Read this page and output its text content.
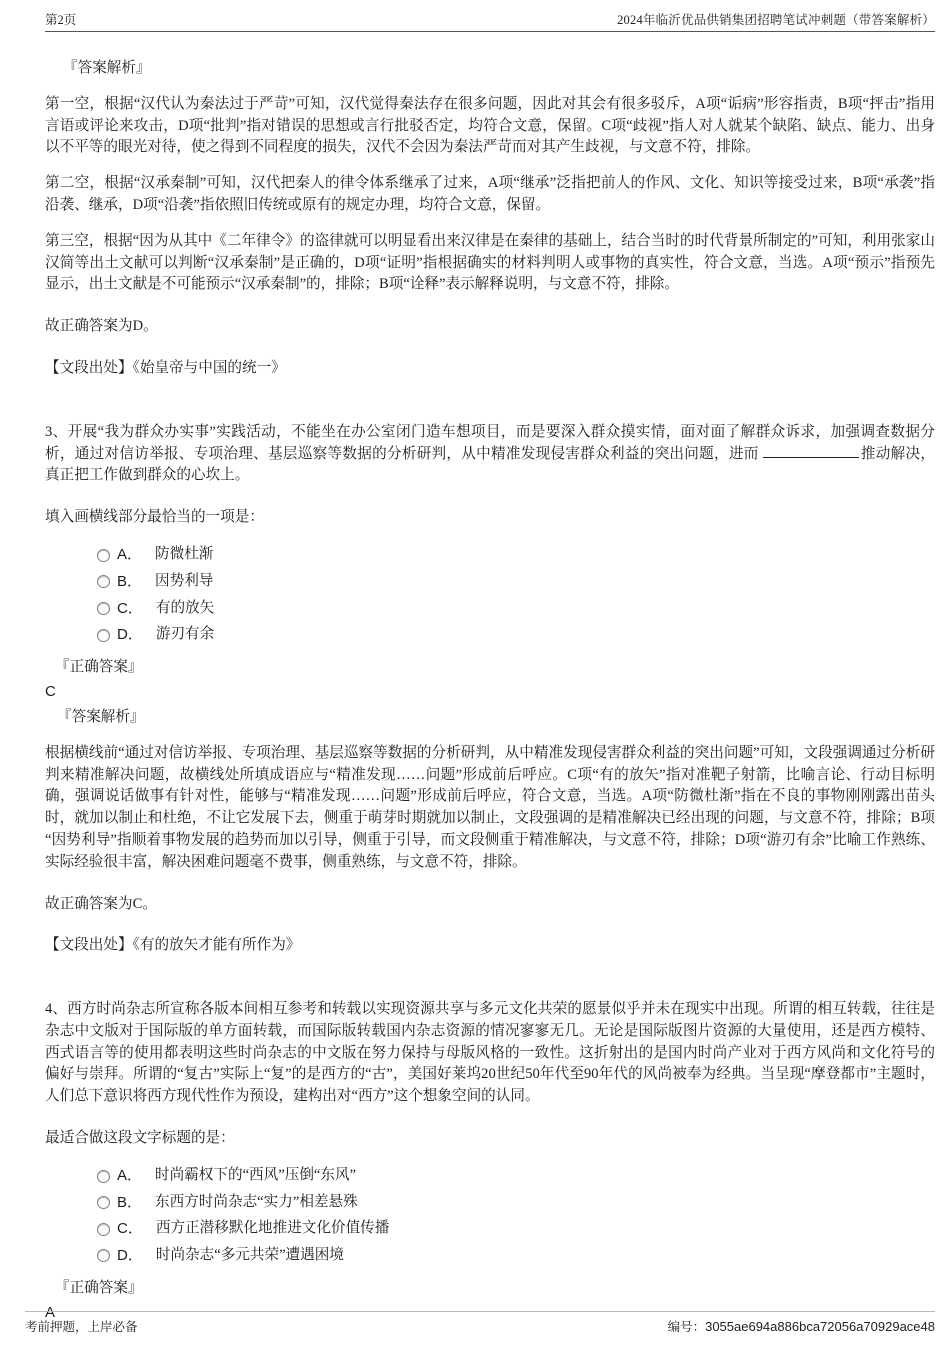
第2页	2024年临沂优品供销集团招聘笔试冲刺题（带答案解析）

『答案解析』

第一空，根据“汉代认为秦法过于严苛”可知，汉代觉得秦法存在很多问题，因此对其会有很多驳斥，A项“诟病”形容指责，B项“抨击”指用言语或评论来攻击，D项“批判”指对错误的思想或言行批驳否定，均符合文意，保留。C项“歧视”指人对人就某个缺陷、缺点、能力、出身以不平等的眼光对待，使之得到不同程度的损失，汉代不会因为秦法严苛而对其产生歧视，与文意不符，排除。

第二空，根据“汉承秦制”可知，汉代把秦人的律令体系继承了过来，A项“继承”泛指把前人的作风、文化、知识等接受过来，B项“承袭”指沿袭、继承，D项“沿袭”指依照旧传统或原有的规定办理，均符合文意，保留。

第三空，根据“因为从其中《二年律令》的盗律就可以明显看出来汉律是在秦律的基础上，结合当时的时代背景所制定的”可知，利用张家山汉简等出土文献可以判断“汉承秦制”是正确的，D项“证明”指根据确实的材料判明人或事物的真实性，符合文意，当选。A项“预示”指预先显示，出土文献是不可能预示“汉承秦制”的，排除；B项“诠释”表示解释说明，与文意不符，排除。

故正确答案为D。

【文段出处】《始皇帝与中国的统一》

3、开展“我为群众办实事”实践活动，不能坐在办公室闭门造车想项目，而是要深入群众摸实情，面对面了解群众诉求，加强调查数据分析，通过对信访举报、专项治理、基层巡察等数据的分析研判，从中精准发现侵害群众利益的突出问题，进而	推动解决，真正把工作做到群众的心坎上。

填入画横线部分最恰当的一项是：

A． 防微杜渐
B． 因势利导
C． 有的放矢
D． 游刃有余

『正确答案』

C

『答案解析』

根据横线前“通过对信访举报、专项治理、基层巡察等数据的分析研判，从中精准发现侵害群众利益的突出问题”可知，文段强调通过分析研判来精准解决问题，故横线处所填成语应与“精准发现……问题”形成前后呼应。C项“有的放矢”指对准靶子射箭，比喻言论、行动目标明确，强调说话做事有针对性，能够与“精准发现……问题”形成前后呼应，符合文意，当选。A项“防微杜渐”指在不良的事物刚刚露出苗头时，就加以制止和杜绝，不让它发展下去，侧重于萌芽时期就加以制止，文段强调的是精准解决已经出现的问题，与文意不符，排除；B项“因势利导”指顺着事物发展的趋势而加以引导，侧重于引导，而文段侧重于精准解决，与文意不符，排除；D项“游刃有余”比喻工作熟练、实际经验很丰富，解决困难问题毫不费事，侧重熟练，与文意不符，排除。

故正确答案为C。

【文段出处】《有的放矢才能有所作为》

4、西方时尚杂志所宣称各版本间相互参考和转载以实现资源共享与多元文化共荣的愿景似乎并未在现实中出现。所谓的相互转载，往往是杂志中文版对于国际版的单方面转载，而国际版转载国内杂志资源的情况寥寥无几。无论是国际版图片资源的大量使用，还是西方模特、西式语言等的使用都表明这些时尚杂志的中文版在努力保持与母版风格的一致性。这折射出的是国内时尚产业对于西方风尚和文化符号的偏好与崇拜。所谓的“复古”实际上“复”的是西方的“古”，美国好莱坞20世纪50年代至90年代的风尚被奉为经典。当呈现“摩登都市”主题时，人们总下意识将西方现代性作为预设，建构出对“西方”这个想象空间的认同。

最适合做这段文字标题的是：

A． 时尚霸权下的“西风”压倒“东风”
B． 东西方时尚杂志“实力”相差悬殊
C． 西方正潜移默化地推进文化价值传播
D． 时尚杂志“多元共荣”遭遇困境

『正确答案』

A

考前押题，上岸必备	编号：3055ae694a886bca72056a70929ace48
